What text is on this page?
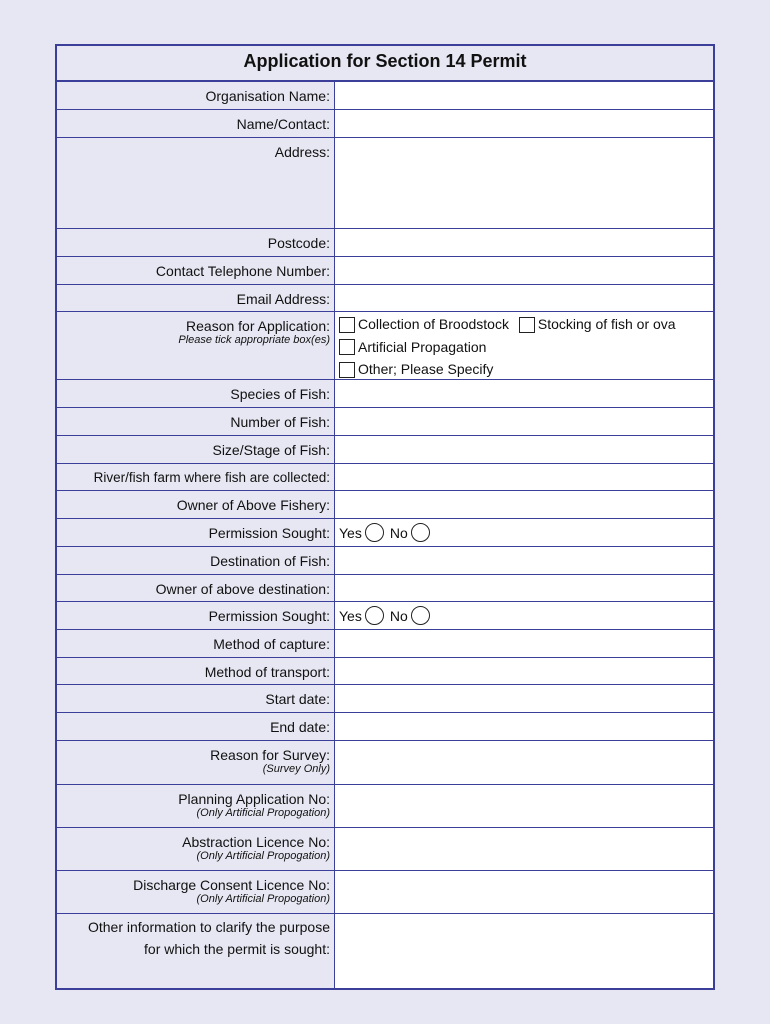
Application for Section 14 Permit
Organisation Name:
Name/Contact:
Address:
Postcode:
Contact Telephone Number:
Email Address:
Reason for Application:
Please tick appropriate box(es)
Collection of Broodstock
Stocking of fish or ova
Artificial Propagation
Other; Please Specify
Species of Fish:
Number of Fish:
Size/Stage of Fish:
River/fish farm where fish are collected:
Owner of Above Fishery:
Permission Sought: Yes No
Destination of Fish:
Owner of above destination:
Permission Sought: Yes No
Method of capture:
Method of transport:
Start date:
End date:
Reason for Survey:
(Survey Only)
Planning Application No:
(Only Artificial Propogation)
Abstraction Licence No:
(Only Artificial Propogation)
Discharge Consent Licence No:
(Only Artificial Propogation)
Other information to clarify the purpose
for which the permit is sought:
